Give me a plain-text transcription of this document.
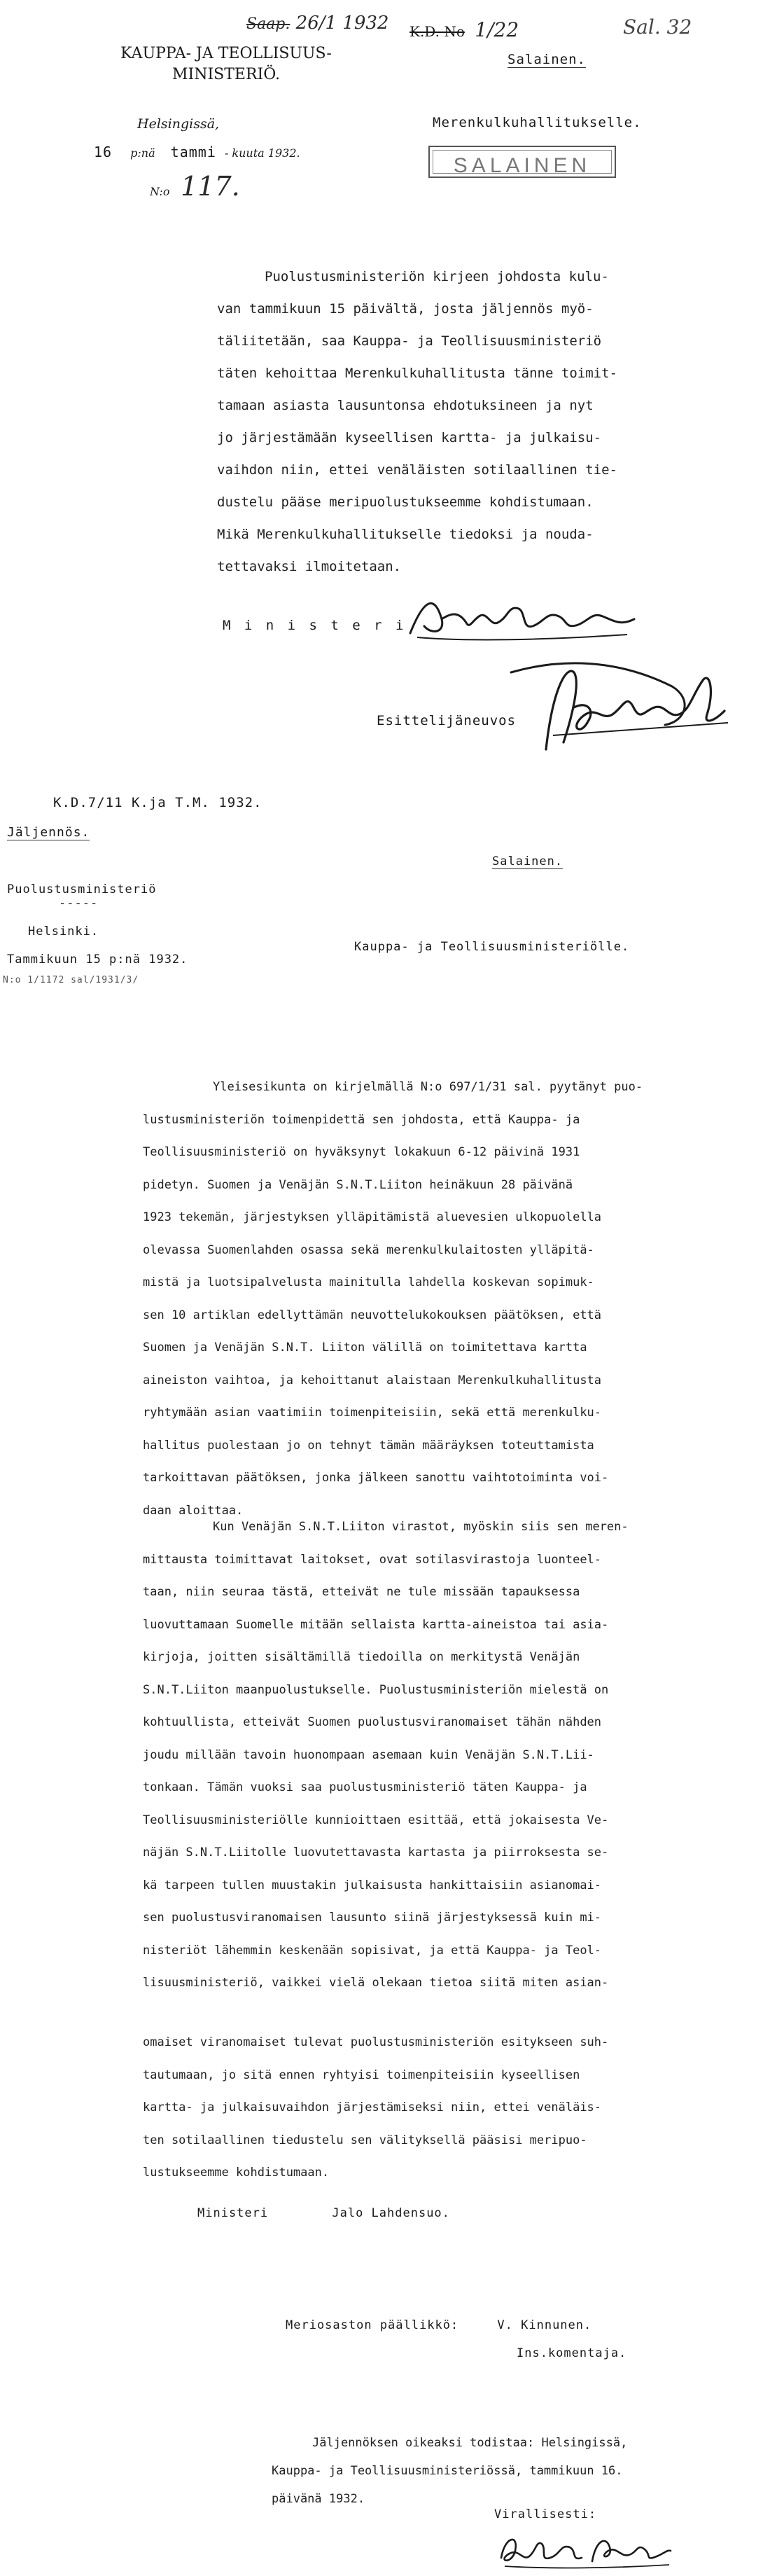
Saap. 26/1 1932 K.D. No 1/22	Sal. 32
KAUPPA- JA TEOLLISUUS-
MINISTERIÖ.
Salainen.
Helsingissä,
16 p:nä tammi - kuuta 1932.
N:o 117.
Merenkulkuhallitukselle.
SALAINEN
Puolustusministeriön kirjeen johdosta kulu-
van tammikuun 15 päivältä, josta jäljennös myö-
täliitetään, saa Kauppa- ja Teollisuusministeriö
täten kehoittaa Merenkulkuhallitusta tänne toimit-
tamaan asiasta lausuntonsa ehdotuksineen ja nyt
jo järjestämään kyseellisen kartta- ja julkaisu-
vaihdon niin, ettei venäläisten sotilaallinen tie-
dustelu pääse meripuolustukseemme kohdistumaan.
Mikä Merenkulkuhallitukselle tiedoksi ja nouda-
tettavaksi ilmoitetaan.
M i n i s t e r i
Esittelijäneuvos
K.D.7/11 K.ja T.M. 1932.
Jäljennös.
Salainen.
Puolustusministeriö
-----
Helsinki.
Tammikuun 15 p:nä 1932.
N:o 1/1172 sal/1931/3/
Kauppa- ja Teollisuusministeriölle.
Yleisesikunta on kirjelmällä N:o 697/1/31 sal. pyytänyt puo-
lustusministeriön toimenpidettä sen johdosta, että Kauppa- ja
Teollisuusministeriö on hyväksynyt lokakuun 6-12 päivinä 1931
pidetyn. Suomen ja Venäjän S.N.T.Liiton heinäkuun 28 päivänä
1923 tekemän, järjestyksen ylläpitämistä aluevesien ulkopuolella
olevassa Suomenlahden osassa sekä merenkulkulaitosten ylläpitä-
mistä ja luotsipalvelusta mainitulla lahdella koskevan sopimuk-
sen 10 artiklan edellyttämän neuvottelukokouksen päätöksen, että
Suomen ja Venäjän S.N.T. Liiton välillä on toimitettava kartta
aineiston vaihtoa, ja kehoittanut alaistaan Merenkulkuhallitusta
ryhtymään asian vaatimiin toimenpiteisiin, sekä että merenkulku-
hallitus puolestaan jo on tehnyt tämän määräyksen toteuttamista
tarkoittavan päätöksen, jonka jälkeen sanottu vaihtotoiminta voi-
daan aloittaa.
Kun Venäjän S.N.T.Liiton virastot, myöskin siis sen meren-
mittausta toimittavat laitokset, ovat sotilasvirastoja luonteel-
taan, niin seuraa tästä, etteivät ne tule missään tapauksessa
luovuttamaan Suomelle mitään sellaista kartta-aineistoa tai asia-
kirjoja, joitten sisältämillä tiedoilla on merkitystä Venäjän
S.N.T.Liiton maanpuolustukselle. Puolustusministeriön mielestä on
kohtuullista, etteivät Suomen puolustusviranomaiset tähän nähden
joudu millään tavoin huonompaan asemaan kuin Venäjän S.N.T.Lii-
tonkaan. Tämän vuoksi saa puolustusministeriö täten Kauppa- ja
Teollisuusministeriölle kunnioittaen esittää, että jokaisesta Ve-
näjän S.N.T.Liitolle luovutettavasta kartasta ja piirroksesta se-
kä tarpeen tullen muustakin julkaisusta hankittaisiin asianomai-
sen puolustusviranomaisen lausunto siinä järjestyksessä kuin mi-
nisteriöt lähemmin keskenään sopisivat, ja että Kauppa- ja Teol-
lisuusministeriö, vaikkei vielä olekaan tietoa siitä miten asian-
omaiset viranomaiset tulevat puolustusministeriön esitykseen suh-
tautumaan, jo sitä ennen ryhtyisi toimenpiteisiin kyseellisen
kartta- ja julkaisuvaihdon järjestämiseksi niin, ettei venäläis-
ten sotilaallinen tiedustelu sen välityksellä pääsisi meripuo-
lustukseemme kohdistumaan.
Ministeri	Jalo Lahdensuo.
Meriosaston päällikkö:	V. Kinnunen.
Ins.komentaja.
Jäljennöksen oikeaksi todistaa: Helsingissä,
Kauppa- ja Teollisuusministeriössä, tammikuun 16.
päivänä 1932.
Virallisesti:
